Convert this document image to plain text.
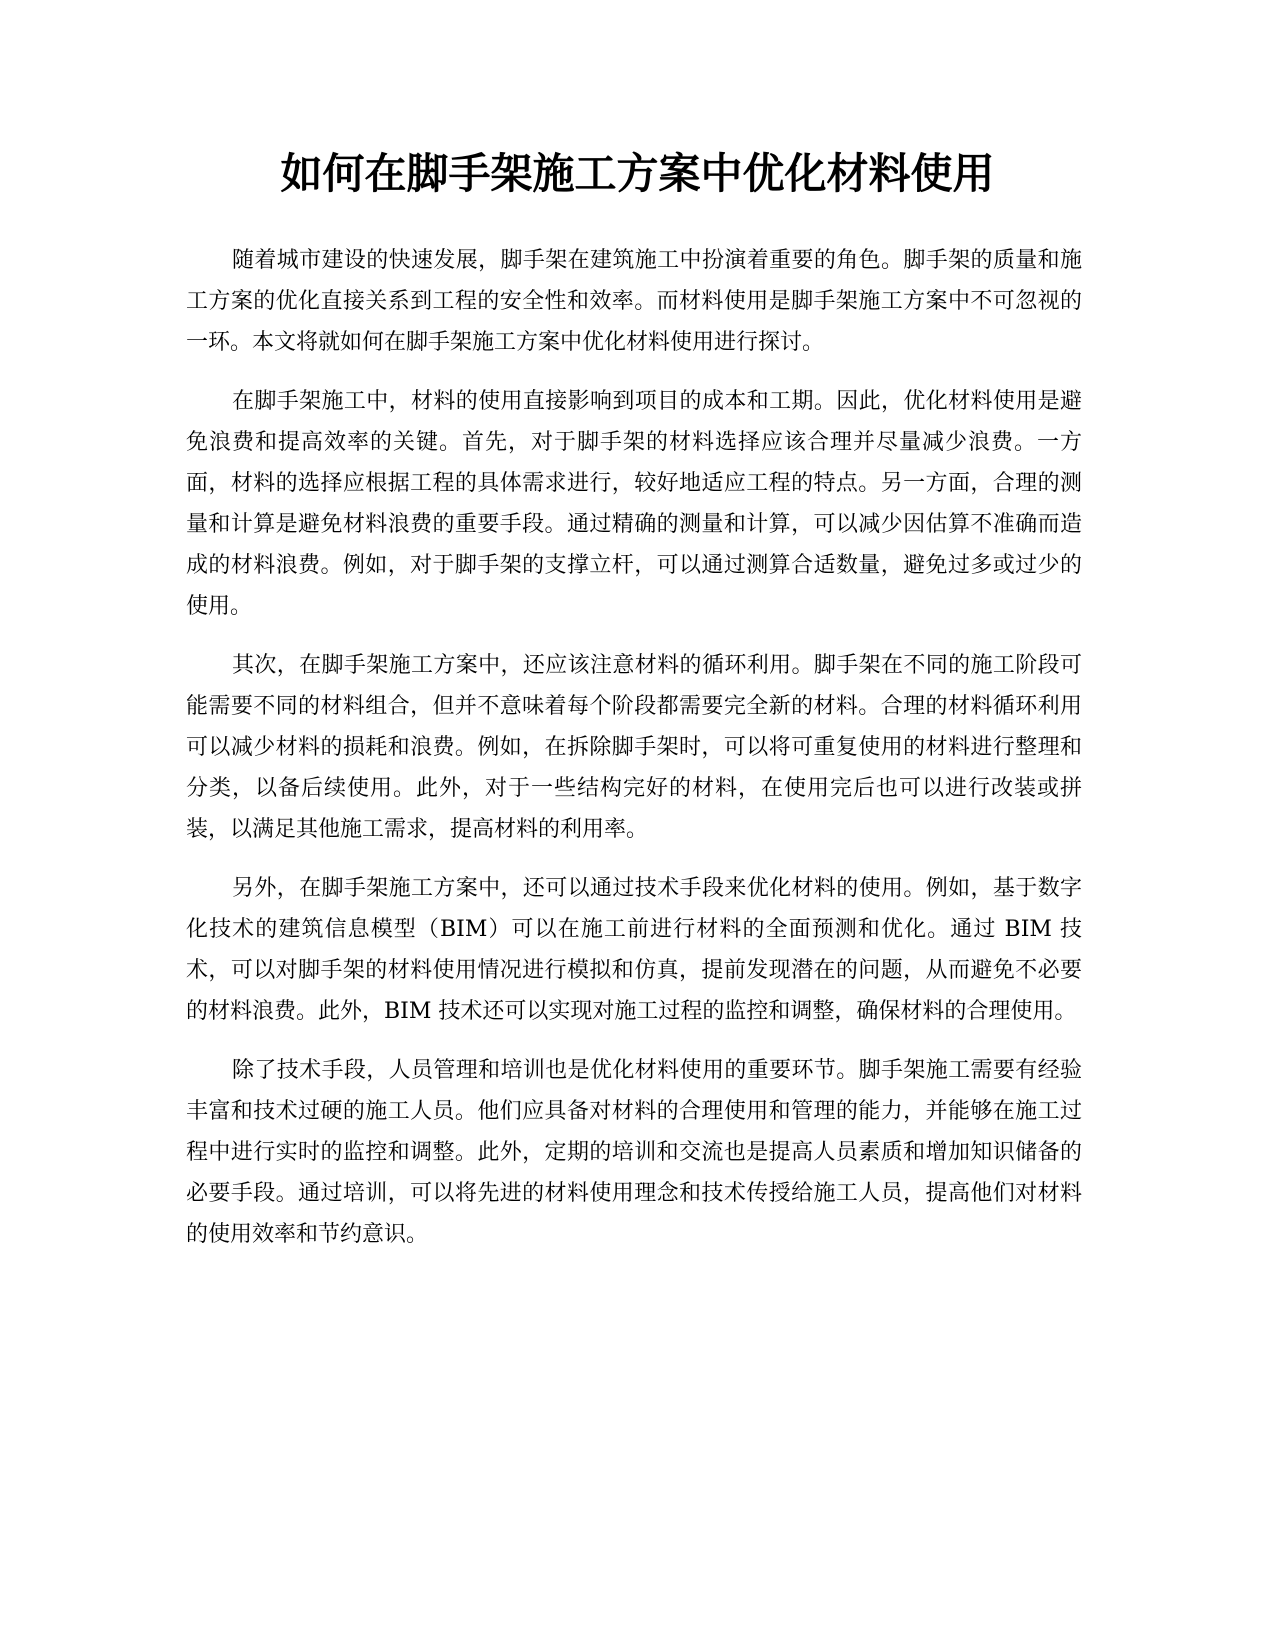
如何在脚手架施工方案中优化材料使用

随着城市建设的快速发展，脚手架在建筑施工中扮演着重要的角色。脚手架的质量和施工方案的优化直接关系到工程的安全性和效率。而材料使用是脚手架施工方案中不可忽视的一环。本文将就如何在脚手架施工方案中优化材料使用进行探讨。

在脚手架施工中，材料的使用直接影响到项目的成本和工期。因此，优化材料使用是避免浪费和提高效率的关键。首先，对于脚手架的材料选择应该合理并尽量减少浪费。一方面，材料的选择应根据工程的具体需求进行，较好地适应工程的特点。另一方面，合理的测量和计算是避免材料浪费的重要手段。通过精确的测量和计算，可以减少因估算不准确而造成的材料浪费。例如，对于脚手架的支撑立杆，可以通过测算合适数量，避免过多或过少的使用。

其次，在脚手架施工方案中，还应该注意材料的循环利用。脚手架在不同的施工阶段可能需要不同的材料组合，但并不意味着每个阶段都需要完全新的材料。合理的材料循环利用可以减少材料的损耗和浪费。例如，在拆除脚手架时，可以将可重复使用的材料进行整理和分类，以备后续使用。此外，对于一些结构完好的材料，在使用完后也可以进行改装或拼装，以满足其他施工需求，提高材料的利用率。

另外，在脚手架施工方案中，还可以通过技术手段来优化材料的使用。例如，基于数字化技术的建筑信息模型（BIM）可以在施工前进行材料的全面预测和优化。通过 BIM 技术，可以对脚手架的材料使用情况进行模拟和仿真，提前发现潜在的问题，从而避免不必要的材料浪费。此外，BIM 技术还可以实现对施工过程的监控和调整，确保材料的合理使用。

除了技术手段，人员管理和培训也是优化材料使用的重要环节。脚手架施工需要有经验丰富和技术过硬的施工人员。他们应具备对材料的合理使用和管理的能力，并能够在施工过程中进行实时的监控和调整。此外，定期的培训和交流也是提高人员素质和增加知识储备的必要手段。通过培训，可以将先进的材料使用理念和技术传授给施工人员，提高他们对材料的使用效率和节约意识。
